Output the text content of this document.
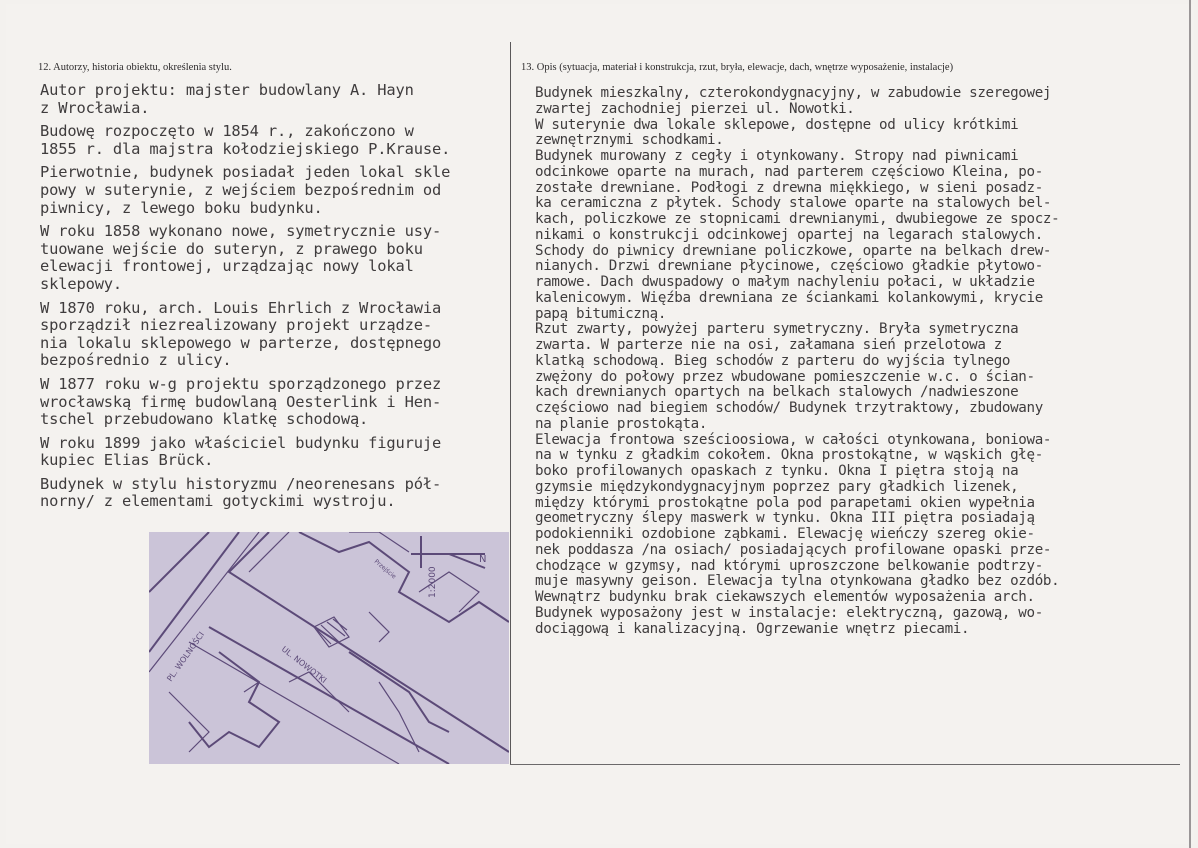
12. Autorzy, historia obiektu, określenia stylu.	13. Opis (sytuacja, materiał i konstrukcja, rzut, bryła, elewacje, dach, wnętrze wyposażenie, instalacje)
Autor projektu: majster budowlany A. Hayn
z Wrocławia.
Budowę rozpoczęto w 1854 r., zakończono w
1855 r. dla majstra kołodziejskiego P.Krause.
Pierwotnie, budynek posiadał jeden lokal skle
powy w suterynie, z wejściem bezpośrednim od
piwnicy, z lewego boku budynku.
W roku 1858 wykonano nowe, symetrycznie usy-
tuowane wejście do suteryn, z prawego boku
elewacji frontowej, urządzając nowy lokal
sklepowy.
W 1870 roku, arch. Louis Ehrlich z Wrocławia
sporządził niezrealizowany projekt urządze-
nia lokalu sklepowego w parterze, dostępnego
bezpośrednio z ulicy.
W 1877 roku w-g projektu sporządzonego przez
wrocławską firmę budowlaną Oesterlink i Hen-
tschel przebudowano klatkę schodową.
W roku 1899 jako właściciel budynku figuruje
kupiec Elias Brück.
Budynek w stylu historyzmu /neorenesans pół-
norny/ z elementami gotyckimi wystroju.
Budynek mieszkalny, czterokondygnacyjny, w zabudowie szeregowej
zwartej zachodniej pierzei ul. Nowotki.
W suterynie dwa lokale sklepowe, dostępne od ulicy krótkimi
zewnętrznymi schodkami.
Budynek murowany z cegły i otynkowany. Stropy nad piwnicami
odcinkowe oparte na murach, nad parterem częściowo Kleina, po-
zostałe drewniane. Podłogi z drewna miękkiego, w sieni posadz-
ka ceramiczna z płytek. Schody stalowe oparte na stalowych bel-
kach, policzkowe ze stopnicami drewnianymi, dwubiegowe ze spocz-
nikami o konstrukcji odcinkowej opartej na legarach stalowych.
Schody do piwnicy drewniane policzkowe, oparte na belkach drew-
nianych. Drzwi drewniane płycinowe, częściowo gładkie płytowo-
ramowe. Dach dwuspadowy o małym nachyleniu połaci, w układzie
kalenicowym. Więźba drewniana ze ściankami kolankowymi, krycie
papą bitumiczną.
Rzut zwarty, powyżej parteru symetryczny. Bryła symetryczna
zwarta. W parterze nie na osi, załamana sień przelotowa z
klatką schodową. Bieg schodów z parteru do wyjścia tylnego
zwężony do połowy przez wbudowane pomieszczenie w.c. o ścian-
kach drewnianych opartych na belkach stalowych /nadwieszone
częściowo nad biegiem schodów/ Budynek trzytraktowy, zbudowany
na planie prostokąta.
Elewacja frontowa sześcioosiowa, w całości otynkowana, boniowa-
na w tynku z gładkim cokołem. Okna prostokątne, w wąskich głę-
boko profilowanych opaskach z tynku. Okna I piętra stoją na
gzymsie międzykondygnacyjnym poprzez pary gładkich lizenek,
między którymi prostokątne pola pod parapetami okien wypełnia
geometryczny ślepy maswerk w tynku. Okna III piętra posiadają
podokienniki ozdobione ząbkami. Elewację wieńczy szereg okie-
nek poddasza /na osiach/ posiadających profilowane opaski prze-
chodzące w gzymsy, nad którymi uproszczone belkowanie podtrzy-
muje masywny geison. Elewacja tylna otynkowana gładko bez ozdób.
Wewnątrz budynku brak ciekawszych elementów wyposażenia arch.
Budynek wyposażony jest w instalacje: elektryczną, gazową, wo-
dociągową i kanalizacyjną. Ogrzewanie wnętrz piecami.
N
1:2000
UL. NOWOTKI
PL. WOLNOŚCI
Przejście
